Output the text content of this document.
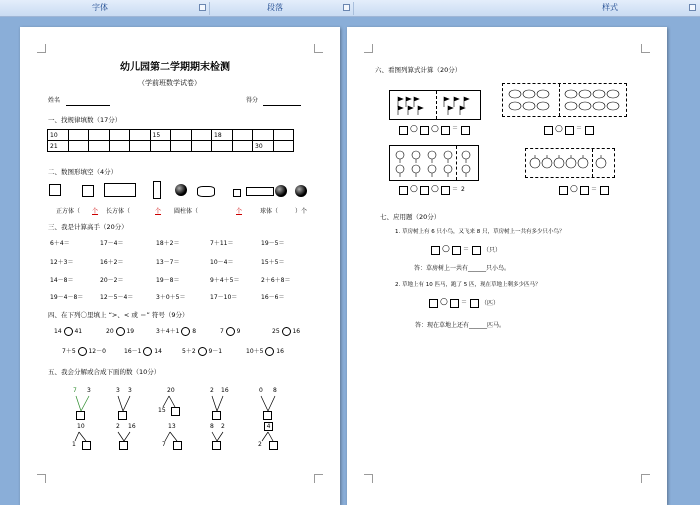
字体	段落	样式
幼儿园第二学期期末检测
（学前班数学试卷）
姓名	得分
一、找规律填数（17分）
10					15			18			
21										30	
二、数图形填空（4分）
正方体（ 个 长方体（	个 圆柱体（	个	球体（	）个
三、我是计算高手（20分）
6＋4＝	17－4＝	18＋2＝	7＋11＝	19－5＝
12＋3＝	16＋2＝	13－7＝	10－4＝	15＋5＝
14－8＝	20－2＝	19－8＝	9＋4＋5＝	2＋6＋8＝
19－4－8＝	12－5－4＝	3＋0＋5＝	17－10＝	16－6＝
四、在下列〇里填上 “>、< 或 ＝” 符号（9分）
14 41	20 19	3＋4＋1 8	7 9	25 16
7＋5 12－0	16－1 14	5＋2 9－1	10＋5 16
五、我会分解或合成下面的数（10分）
7 3	3 3	20
15
2 16	0 8
10
1
2 16	13
7
8 2	4
2
六、看图列算式计算（20分）
○ ○ ＝	○ ＝
○ ○ ＝ 2	○ ＝
七、应用题（20分）
1. 草房树上有 6 只小鸟，又飞来 8 只，草房树上一共有多少只小鸟？
○ ＝ （只）
答：草房树上一共有______只小鸟。
2. 草地上有 10 匹马，跑了 5 匹，现在草地上剩多少匹马？
○ ＝ （匹）
答：现在草地上还有______匹马。
